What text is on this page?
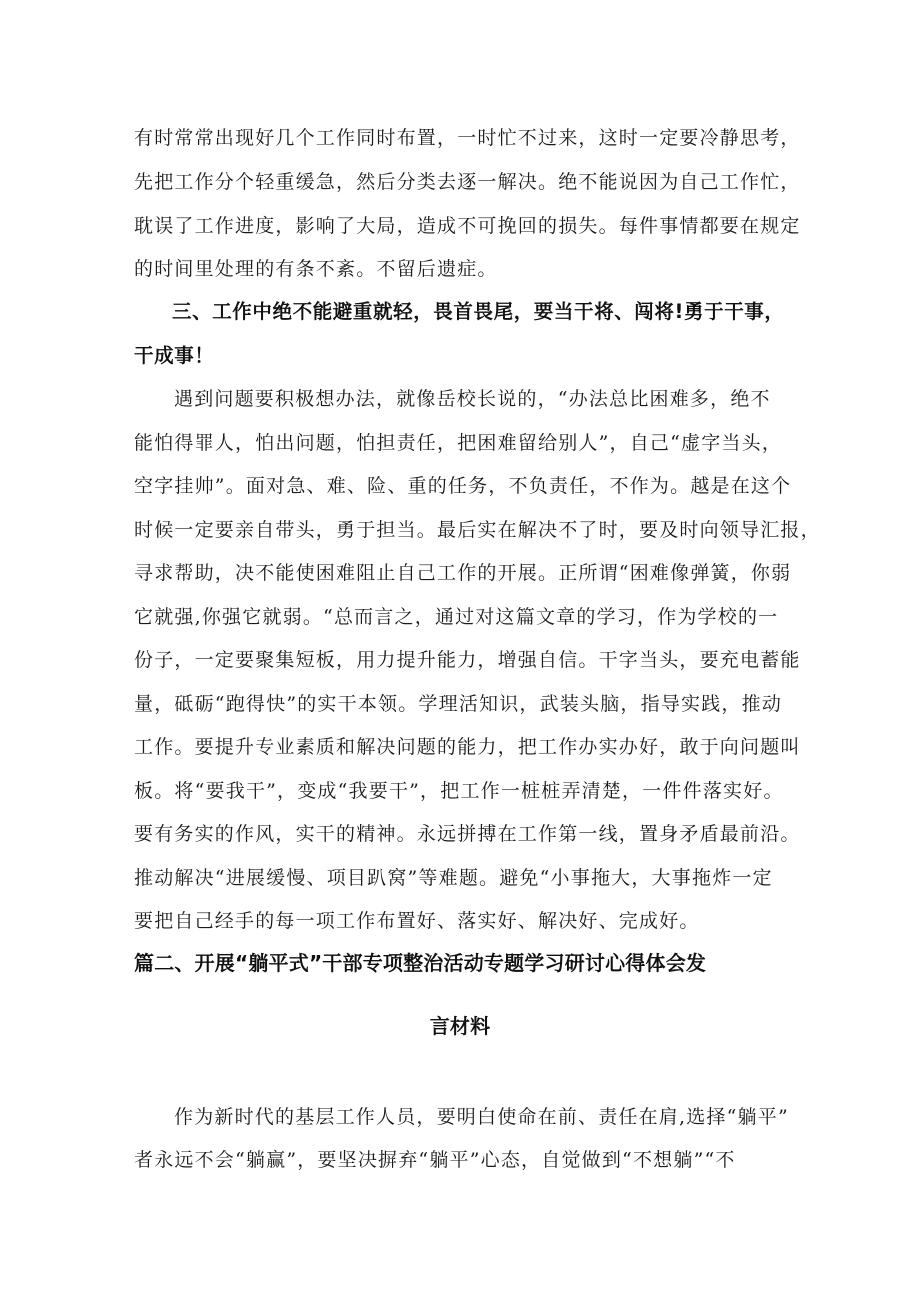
有时常常出现好几个工作同时布置，一时忙不过来，这时一定要冷静思考，
先把工作分个轻重缓急，然后分类去逐一解决。绝不能说因为自己工作忙，
耽误了工作进度，影响了大局，造成不可挽回的损失。每件事情都要在规定
的时间里处理的有条不紊。不留后遗症。
三、工作中绝不能避重就轻，畏首畏尾，要当干将、闯将!勇于干事，
干成事！
遇到问题要积极想办法，就像岳校长说的，“办法总比困难多，绝不
能怕得罪人，怕出问题，怕担责任，把困难留给别人”，自己“虚字当头，
空字挂帅”。面对急、难、险、重的任务，不负责任，不作为。越是在这个
时候一定要亲自带头，勇于担当。最后实在解决不了时，要及时向领导汇报，
寻求帮助，决不能使困难阻止自己工作的开展。正所谓“困难像弹簧，你弱
它就强,你强它就弱。“总而言之，通过对这篇文章的学习，作为学校的一
份子，一定要聚集短板，用力提升能力，增强自信。干字当头，要充电蓄能
量，砥砺“跑得快”的实干本领。学理活知识，武装头脑，指导实践，推动
工作。要提升专业素质和解决问题的能力，把工作办实办好，敢于向问题叫
板。将“要我干”，变成“我要干”，把工作一桩桩弄清楚，一件件落实好。
要有务实的作风，实干的精神。永远拼搏在工作第一线，置身矛盾最前沿。
推动解决“进展缓慢、项目趴窝”等难题。避免“小事拖大，大事拖炸一定
要把自己经手的每一项工作布置好、落实好、解决好、完成好。
篇二、开展“躺平式”干部专项整治活动专题学习研讨心得体会发
言材料
作为新时代的基层工作人员，要明白使命在前、责任在肩,选择“躺平”
者永远不会“躺赢”，要坚决摒弃“躺平”心态，自觉做到“不想躺”“不
